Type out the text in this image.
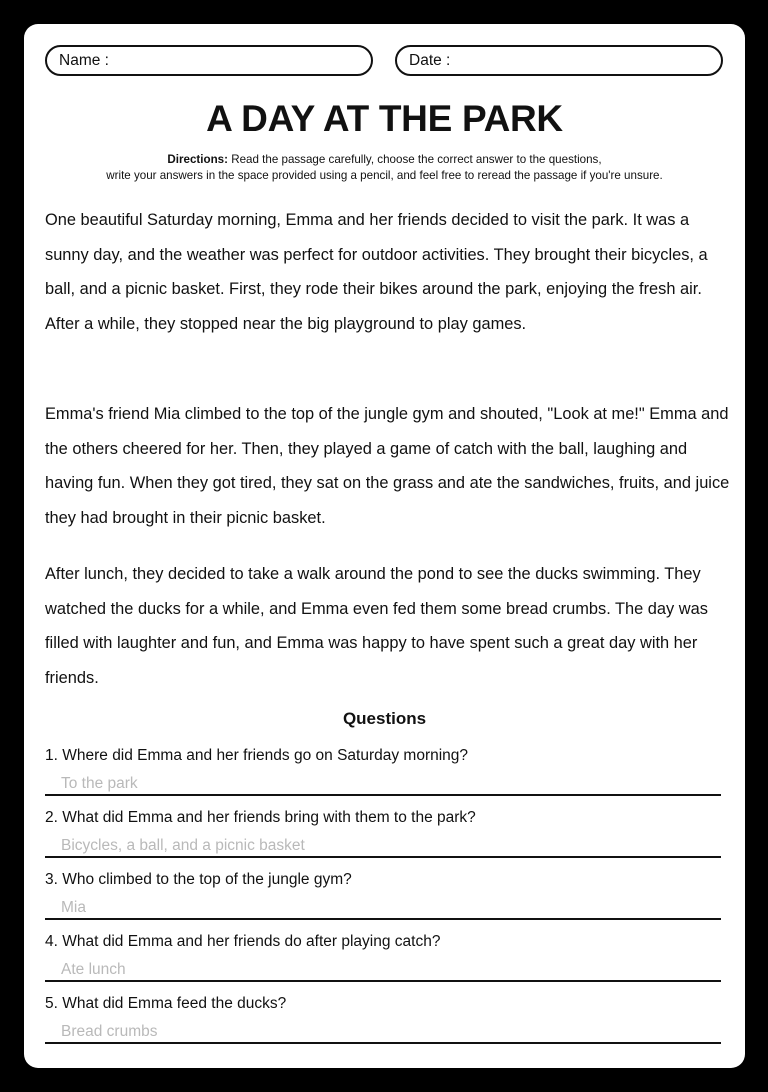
Name :	Date :
A DAY AT THE PARK
Directions: Read the passage carefully, choose the correct answer to the questions,
write your answers in the space provided using a pencil, and feel free to reread the passage if you're unsure.

One beautiful Saturday morning, Emma and her friends decided to visit the park. It was a sunny day, and the weather was perfect for outdoor activities. They brought their bicycles, a ball, and a picnic basket. First, they rode their bikes around the park, enjoying the fresh air. After a while, they stopped near the big playground to play games.

Emma's friend Mia climbed to the top of the jungle gym and shouted, "Look at me!" Emma and the others cheered for her. Then, they played a game of catch with the ball, laughing and having fun. When they got tired, they sat on the grass and ate the sandwiches, fruits, and juice they had brought in their picnic basket.

After lunch, they decided to take a walk around the pond to see the ducks swimming. They watched the ducks for a while, and Emma even fed them some bread crumbs. The day was filled with laughter and fun, and Emma was happy to have spent such a great day with her friends.

Questions
1. Where did Emma and her friends go on Saturday morning?
To the park
2. What did Emma and her friends bring with them to the park?
Bicycles, a ball, and a picnic basket
3. Who climbed to the top of the jungle gym?
Mia
4. What did Emma and her friends do after playing catch?
Ate lunch
5. What did Emma feed the ducks?
Bread crumbs
